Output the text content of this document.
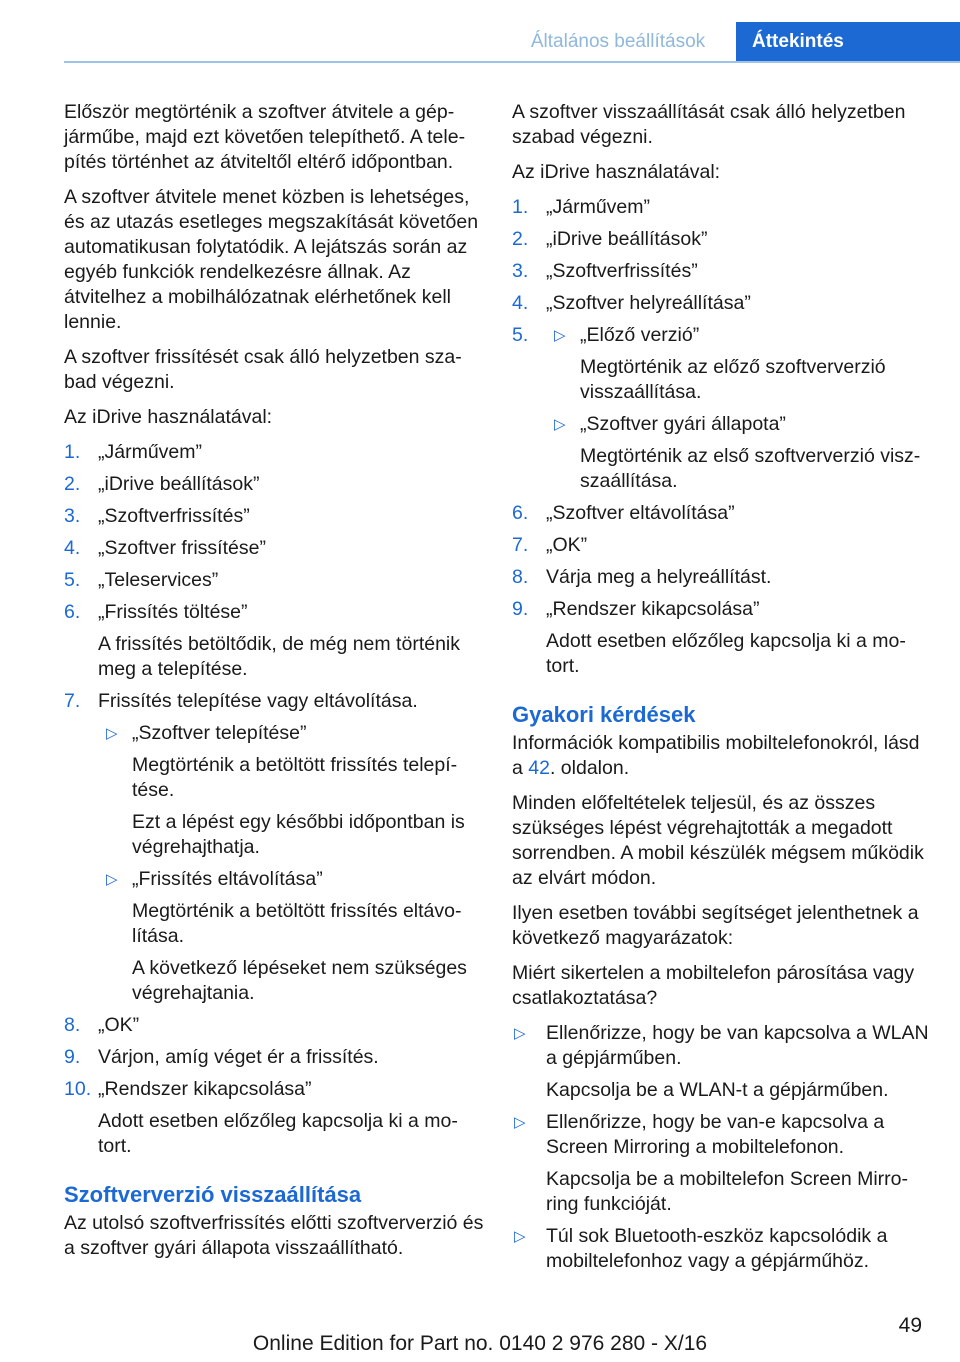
Általános beállítások	Áttekintés

Először megtörténik a szoftver átvitele a gépjárműbe, majd ezt követően telepíthető. A telepítés történhet az átviteltől eltérő időpontban.

A szoftver átvitele menet közben is lehetséges, és az utazás esetleges megszakítását követően automatikusan folytatódik. A lejátszás során az egyéb funkciók rendelkezésre állnak. Az átvitelhez a mobilhálózatnak elérhetőnek kell lennie.

A szoftver frissítését csak álló helyzetben szabad végezni.

Az iDrive használatával:

1. „Járművem”
2. „iDrive beállítások”
3. „Szoftverfrissítés”
4. „Szoftver frissítése”
5. „Teleservices”
6. „Frissítés töltése”
A frissítés betöltődik, de még nem történik meg a telepítése.
7. Frissítés telepítése vagy eltávolítása.
▷ „Szoftver telepítése”
Megtörténik a betöltött frissítés telepítése.
Ezt a lépést egy későbbi időpontban is végrehajthatja.
▷ „Frissítés eltávolítása”
Megtörténik a betöltött frissítés eltávolítása.
A következő lépéseket nem szükséges végrehajtania.
8. „OK”
9. Várjon, amíg véget ér a frissítés.
10. „Rendszer kikapcsolása”
Adott esetben előzőleg kapcsolja ki a motort.
Szoftververzió visszaállítása

Az utolsó szoftverfrissítés előtti szoftververzió és a szoftver gyári állapota visszaállítható.

A szoftver visszaállítását csak álló helyzetben szabad végezni.

Az iDrive használatával:

1. „Járművem”
2. „iDrive beállítások”
3. „Szoftverfrissítés”
4. „Szoftver helyreállítása”
5. ▷ „Előző verzió”
Megtörténik az előző szoftververzió visszaállítása.
▷ „Szoftver gyári állapota”
Megtörténik az első szoftververzió viszszaállítása.
6. „Szoftver eltávolítása”
7. „OK”
8. Várja meg a helyreállítást.
9. „Rendszer kikapcsolása”
Adott esetben előzőleg kapcsolja ki a motort.
Gyakori kérdések

Információk kompatibilis mobiltelefonokról, lásd a 42. oldalon.

Minden előfeltételek teljesül, és az összes szükséges lépést végrehajtották a megadott sorrendben. A mobil készülék mégsem működik az elvárt módon.

Ilyen esetben további segítséget jelenthetnek a következő magyarázatok:

Miért sikertelen a mobiltelefon párosítása vagy csatlakoztatása?

▷ Ellenőrizze, hogy be van kapcsolva a WLAN a gépjárműben.
Kapcsolja be a WLAN-t a gépjárműben.
▷ Ellenőrizze, hogy be van-e kapcsolva a Screen Mirroring a mobiltelefonon.
Kapcsolja be a mobiltelefon Screen Mirroring funkcióját.
▷ Túl sok Bluetooth-eszköz kapcsolódik a mobiltelefonhoz vagy a gépjárműhöz.
49
Online Edition for Part no. 0140 2 976 280 - X/16
